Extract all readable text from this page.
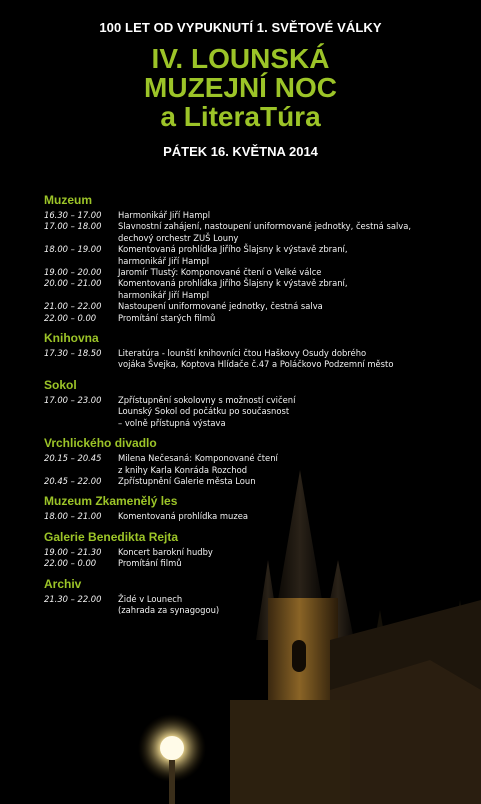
100 LET OD VYPUKNUTÍ 1. SVĚTOVÉ VÁLKY
IV. LOUNSKÁ
MUZEJNÍ NOC
a LiteraTúra
PÁTEK 16. KVĚTNA 2014
Muzeum
16.30 – 17.00	Harmonikář Jiří Hampl
17.00 – 18.00	Slavnostní zahájení, nastoupení uniformované jednotky, čestná salva,
dechový orchestr ZUŠ Louny
18.00 – 19.00	Komentovaná prohlídka Jiřího Šlajsny k výstavě zbraní,
harmonikář Jiří Hampl
19.00 – 20.00	Jaromír Tlustý: Komponované čtení o Velké válce
20.00 – 21.00	Komentovaná prohlídka Jiřího Šlajsny k výstavě zbraní,
harmonikář Jiří Hampl
21.00 – 22.00	Nastoupení uniformované jednotky, čestná salva
22.00 – 0.00	Promítání starých filmů
Knihovna
17.30 – 18.50	Literatúra - lounští knihovníci čtou Haškovy Osudy dobrého
vojáka Švejka, Koptova Hlídače č.47 a Poláčkovo Podzemní město
Sokol
17.00 – 23.00	Zpřístupnění sokolovny s možností cvičení
Lounský Sokol od počátku po současnost
– volně přístupná výstava
Vrchlického divadlo
20.15 – 20.45	Milena Nečesaná: Komponované čtení
z knihy Karla Konráda Rozchod
20.45 – 22.00	Zpřístupnění Galerie města Loun
Muzeum Zkamenělý les
18.00 – 21.00	Komentovaná prohlídka muzea
Galerie Benedikta Rejta
19.00 – 21.30	Koncert barokní hudby
22.00 – 0.00	Promítání filmů
Archiv
21.30 – 22.00	Židé v Lounech
(zahrada za synagogou)
